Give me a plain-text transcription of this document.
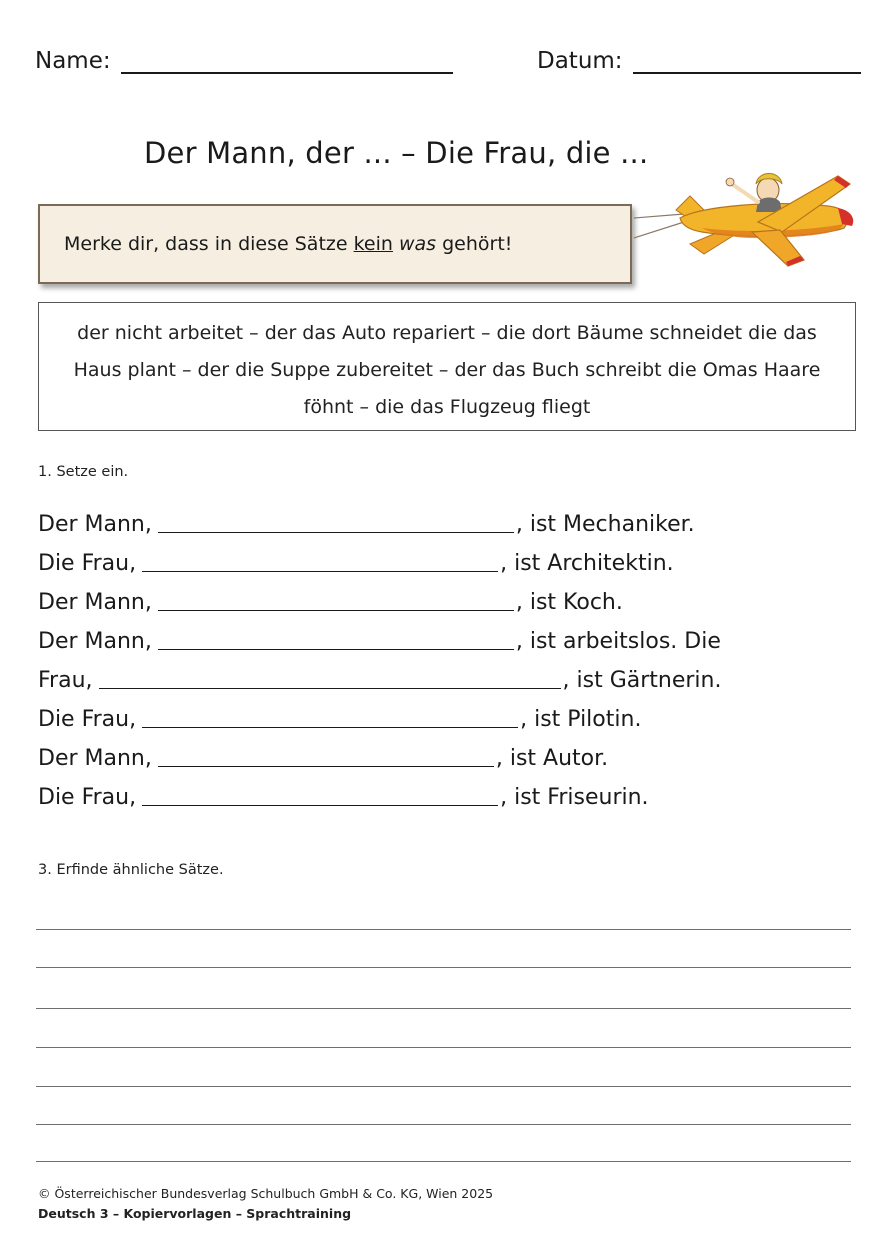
Name:	Datum:
Der Mann, der ... – Die Frau, die ...
Merke dir, dass in diese Sätze kein was gehört!
der nicht arbeitet – der das Auto repariert – die dort Bäume schneidet die das Haus plant – der die Suppe zubereitet – der das Buch schreibt die Omas Haare föhnt – die das Flugzeug fliegt
1. Setze ein.
Der Mann,	, ist Mechaniker.
Die Frau,	, ist Architektin.
Der Mann,	, ist Koch.
Der Mann,	, ist arbeitslos. Die
Frau,	, ist Gärtnerin.
Die Frau,	, ist Pilotin.
Der Mann,	, ist Autor.
Die Frau,	, ist Friseurin.
3. Erfinde ähnliche Sätze.
© Österreichischer Bundesverlag Schulbuch GmbH & Co. KG, Wien 2025
Deutsch 3 – Kopiervorlagen – Sprachtraining
